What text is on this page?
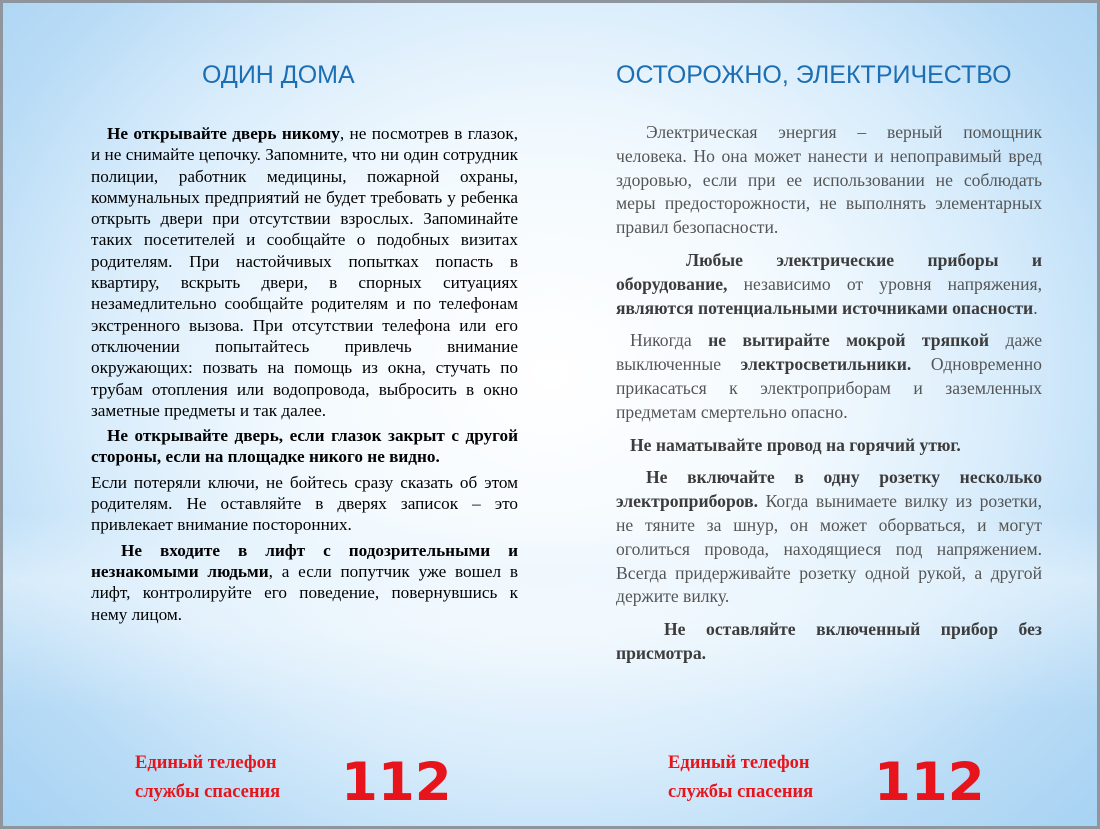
ОДИН ДОМА	ОСТОРОЖНО, ЭЛЕКТРИЧЕСТВО

Не открывайте дверь никому, не посмотрев в глазок, и не снимайте цепочку. Запомните, что ни один сотрудник полиции, работник медицины, пожарной охраны, коммунальных предприятий не будет требовать у ребенка открыть двери при отсутствии взрослых. Запоминайте таких посетителей и сообщайте о подобных визитах родителям. При настойчивых попытках попасть в квартиру, вскрыть двери, в спорных ситуациях незамедлительно сообщайте родителям и по телефонам экстренного вызова. При отсутствии телефона или его отключении попытайтесь привлечь внимание окружающих: позвать на помощь из окна, стучать по трубам отопления или водопровода, выбросить в окно заметные предметы и так далее.

Не открывайте дверь, если глазок закрыт с другой стороны, если на площадке никого не видно.

Если потеряли ключи, не бойтесь сразу сказать об этом родителям. Не оставляйте в дверях записок – это привлекает внимание посторонних.

Не входите в лифт с подозрительными и незнакомыми людьми, а если попутчик уже вошел в лифт, контролируйте его поведение, повернувшись к нему лицом.

Электрическая энергия – верный помощник человека. Но она может нанести и непоправимый вред здоровью, если при ее использовании не соблюдать меры предосторожности, не выполнять элементарных правил безопасности.

Любые электрические приборы и оборудование, независимо от уровня напряжения, являются потенциальными источниками опасности.

Никогда не вытирайте мокрой тряпкой даже выключенные электросветильники. Одновременно прикасаться к электроприборам и заземленных предметам смертельно опасно.

Не наматывайте провод на горячий утюг.

Не включайте в одну розетку несколько электроприборов. Когда вынимаете вилку из розетки, не тяните за шнур, он может оборваться, и могут оголиться провода, находящиеся под напряжением. Всегда придерживайте розетку одной рукой, а другой держите вилку.

Не оставляйте включенный прибор без присмотра.

Единый телефон
службы спасения 112	Единый телефон
службы спасения 112
